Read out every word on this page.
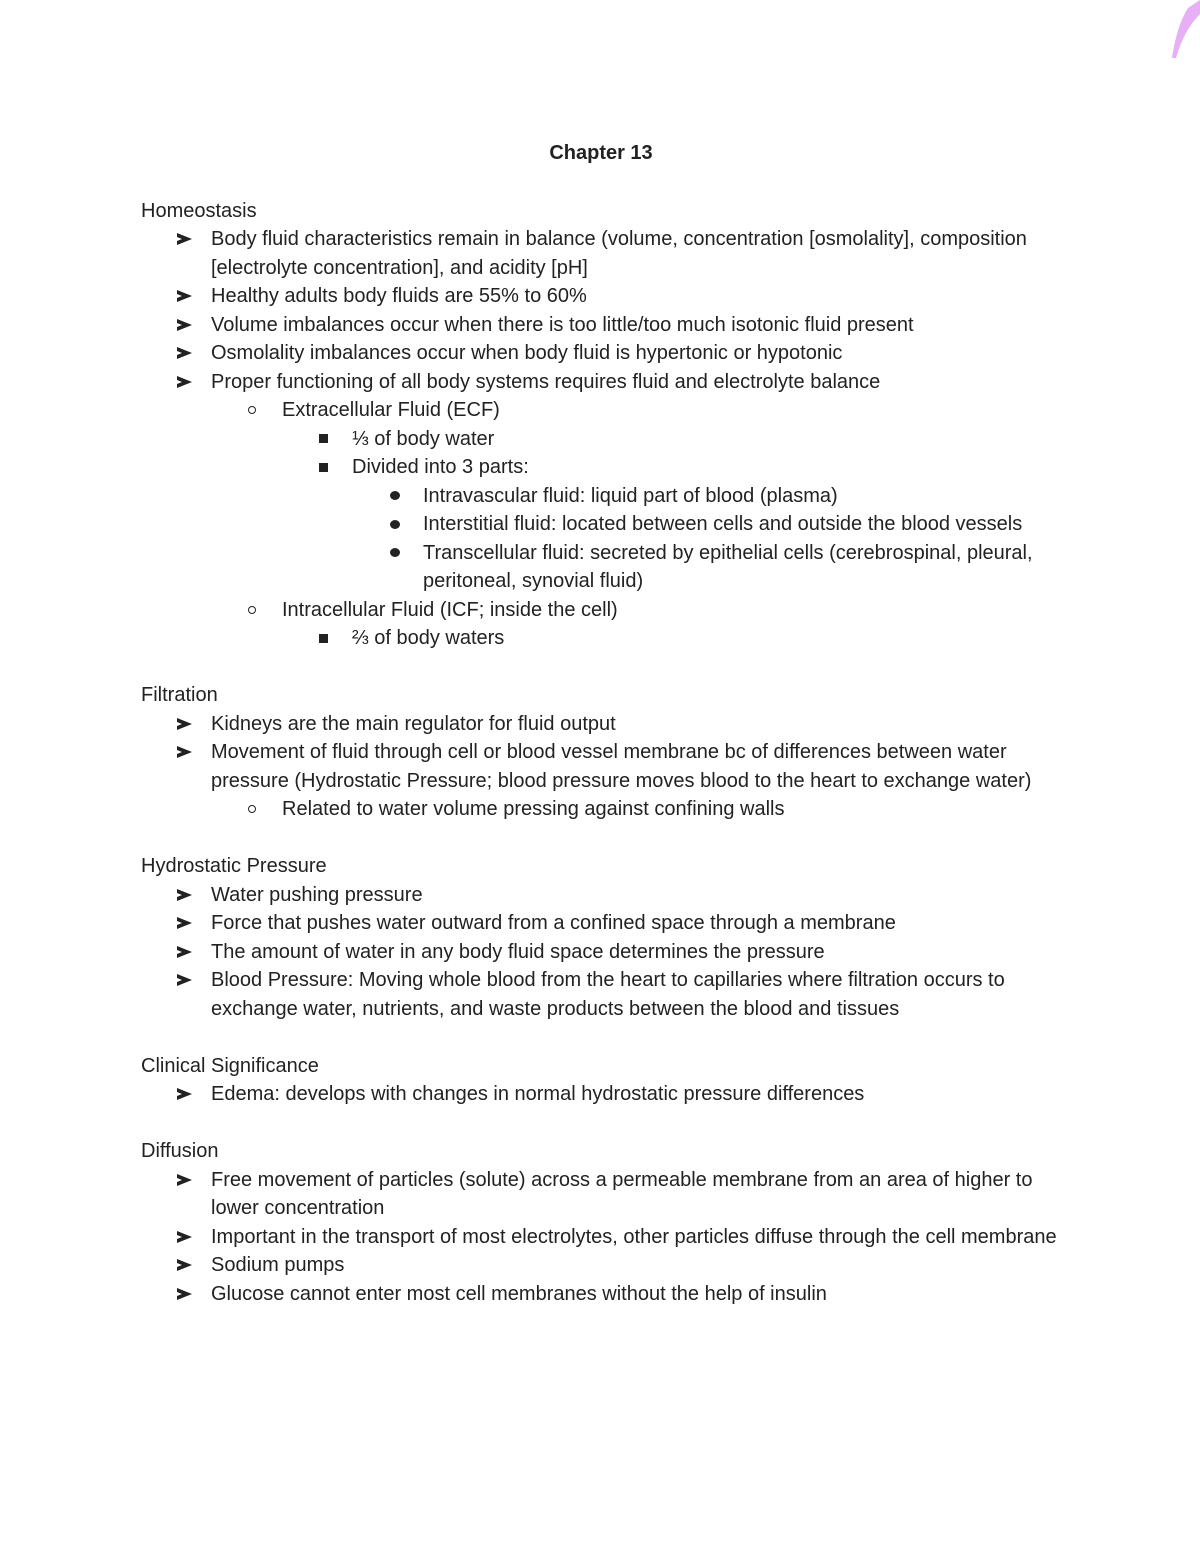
Chapter 13
Homeostasis
Body fluid characteristics remain in balance (volume, concentration [osmolality], composition [electrolyte concentration], and acidity [pH]
Healthy adults body fluids are 55% to 60%
Volume imbalances occur when there is too little/too much isotonic fluid present
Osmolality imbalances occur when body fluid is hypertonic or hypotonic
Proper functioning of all body systems requires fluid and electrolyte balance
Extracellular Fluid (ECF)
⅓ of body water
Divided into 3 parts:
Intravascular fluid: liquid part of blood (plasma)
Interstitial fluid: located between cells and outside the blood vessels
Transcellular fluid: secreted by epithelial cells (cerebrospinal, pleural, peritoneal, synovial fluid)
Intracellular Fluid (ICF; inside the cell)
⅔ of body waters
Filtration
Kidneys are the main regulator for fluid output
Movement of fluid through cell or blood vessel membrane bc of differences between water pressure (Hydrostatic Pressure; blood pressure moves blood to the heart to exchange water)
Related to water volume pressing against confining walls
Hydrostatic Pressure
Water pushing pressure
Force that pushes water outward from a confined space through a membrane
The amount of water in any body fluid space determines the pressure
Blood Pressure: Moving whole blood from the heart to capillaries where filtration occurs to exchange water, nutrients, and waste products between the blood and tissues
Clinical Significance
Edema: develops with changes in normal hydrostatic pressure differences
Diffusion
Free movement of particles (solute) across a permeable membrane from an area of higher to lower concentration
Important in the transport of most electrolytes, other particles diffuse through the cell membrane
Sodium pumps
Glucose cannot enter most cell membranes without the help of insulin
